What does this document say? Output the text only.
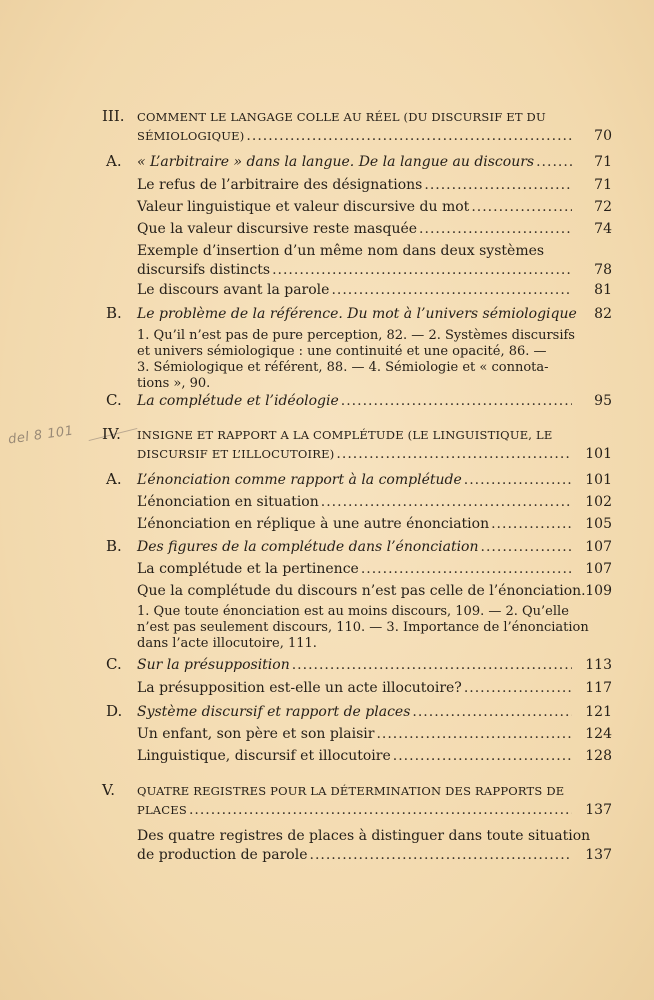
del 8 101
III.	COMMENT LE LANGAGE COLLE AU RÉEL (DU DISCURSIF ET DU
SÉMIOLOGIQUE) .....	70
A.	« L’arbitraire » dans la langue. De la langue au discours .....	71
Le refus de l’arbitraire des désignations .....	71
Valeur linguistique et valeur discursive du mot .....	72
Que la valeur discursive reste masquée .....	74
Exemple d’insertion d’un même nom dans deux systèmes
discursifs distincts .....	78
Le discours avant la parole .....	81
B.	Le problème de la référence. Du mot à l’univers sémiologique	82
1. Qu’il n’est pas de pure perception, 82. — 2. Systèmes discursifs
et univers sémiologique : une continuité et une opacité, 86. —
3. Sémiologique et référent, 88. — 4. Sémiologie et « connota-
tions », 90.
C.	La complétude et l’idéologie .....	95
IV.	INSIGNE ET RAPPORT A LA COMPLÉTUDE (LE LINGUISTIQUE, LE
DISCURSIF ET L’ILLOCUTOIRE) .....	101
A.	L’énonciation comme rapport à la complétude .....	101
L’énonciation en situation .....	102
L’énonciation en réplique à une autre énonciation .....	105
B.	Des figures de la complétude dans l’énonciation .....	107
La complétude et la pertinence .....	107
Que la complétude du discours n’est pas celle de l’énonciation. 109
1. Que toute énonciation est au moins discours, 109. — 2. Qu’elle
n’est pas seulement discours, 110. — 3. Importance de l’énonciation
dans l’acte illocutoire, 111.
C.	Sur la présupposition .....	113
La présupposition est-elle un acte illocutoire? .....	117
D.	Système discursif et rapport de places .....	121
Un enfant, son père et son plaisir .....	124
Linguistique, discursif et illocutoire .....	128
V.	QUATRE REGISTRES POUR LA DÉTERMINATION DES RAPPORTS DE
PLACES .....	137
Des quatre registres de places à distinguer dans toute situation
de production de parole .....	137
